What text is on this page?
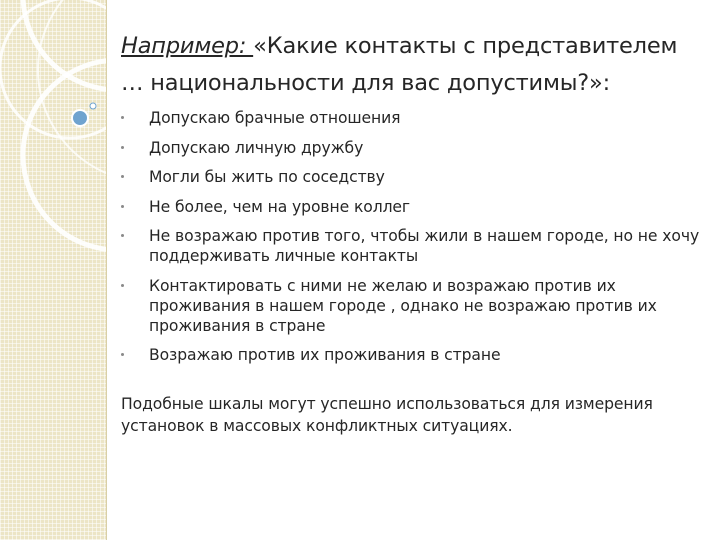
Например: «Какие контакты с представителем … национальности для вас допустимы?»:
Допускаю брачные отношения
Допускаю личную дружбу
Могли бы жить по соседству
Не более, чем на уровне коллег
Не возражаю против того, чтобы жили в нашем городе, но не хочу поддерживать личные контакты
Контактировать с ними не желаю и возражаю против их проживания в нашем городе , однако не возражаю против их проживания в стране
Возражаю против их проживания в стране

Подобные шкалы могут успешно использоваться для измерения установок в массовых конфликтных ситуациях.
